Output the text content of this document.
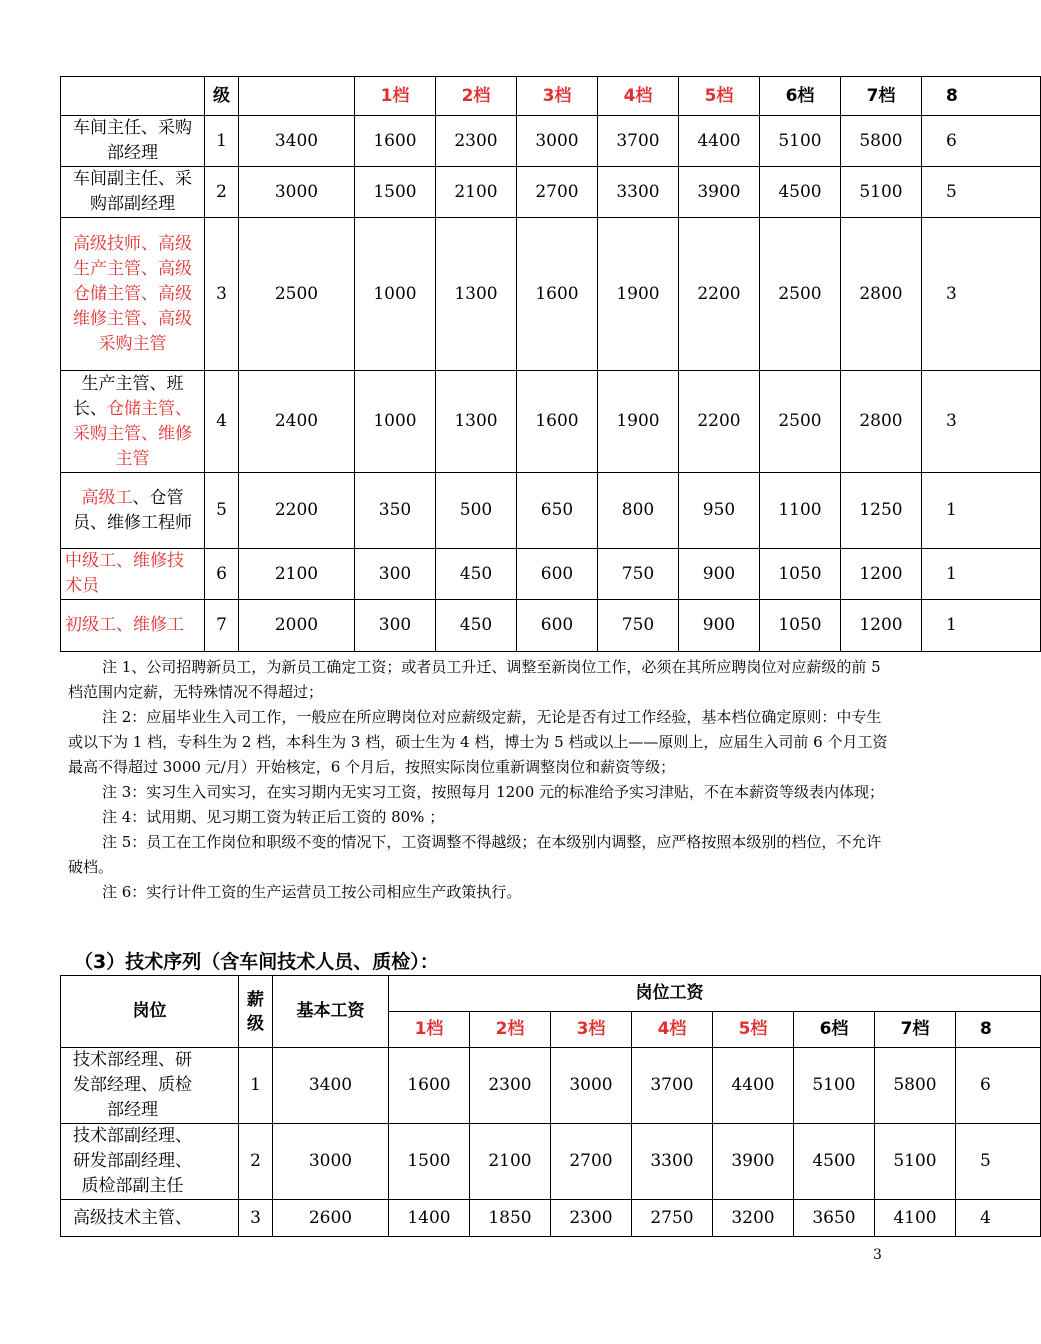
	级		1档	2档	3档	4档	5档	6档	7档	8
车间主任、采购部经理	1	3400	1600	2300	3000	3700	4400	5100	5800	6
车间副主任、采购部副经理	2	3000	1500	2100	2700	3300	3900	4500	5100	5
高级技师、高级生产主管、高级仓储主管、高级维修主管、高级采购主管	3	2500	1000	1300	1600	1900	2200	2500	2800	3
生产主管、班长、仓储主管、采购主管、维修主管	4	2400	1000	1300	1600	1900	2200	2500	2800	3
高级工、仓管员、维修工程师	5	2200	350	500	650	800	950	1100	1250	1
中级工、维修技术员	6	2100	300	450	600	750	900	1050	1200	1
初级工、维修工	7	2000	300	450	600	750	900	1050	1200	1

注 1、公司招聘新员工，为新员工确定工资；或者员工升迁、调整至新岗位工作，必须在其所应聘岗位对应薪级的前 5 档范围内定薪，无特殊情况不得超过；

注 2：应届毕业生入司工作，一般应在所应聘岗位对应薪级定薪，无论是否有过工作经验，基本档位确定原则：中专生或以下为 1 档，专科生为 2 档，本科生为 3 档，硕士生为 4 档，博士为 5 档或以上——原则上，应届生入司前 6 个月工资最高不得超过 3000 元/月）开始核定，6 个月后，按照实际岗位重新调整岗位和薪资等级；

注 3：实习生入司实习，在实习期内无实习工资，按照每月 1200 元的标准给予实习津贴，不在本薪资等级表内体现；

注 4：试用期、见习期工资为转正后工资的 80% ；

注 5：员工在工作岗位和职级不变的情况下，工资调整不得越级；在本级别内调整，应严格按照本级别的档位，不允许破档。

注 6：实行计件工资的生产运营员工按公司相应生产政策执行。

（3）技术序列（含车间技术人员、质检）：
岗位	薪级	基本工资	岗位工资							
			1档	2档	3档	4档	5档	6档	7档	8
技术部经理、研发部经理、质检部经理	1	3400	1600	2300	3000	3700	4400	5100	5800	6
技术部副经理、研发部副经理、质检部副主任	2	3000	1500	2100	2700	3300	3900	4500	5100	5
高级技术主管、	3	2600	1400	1850	2300	2750	3200	3650	4100	4
3
